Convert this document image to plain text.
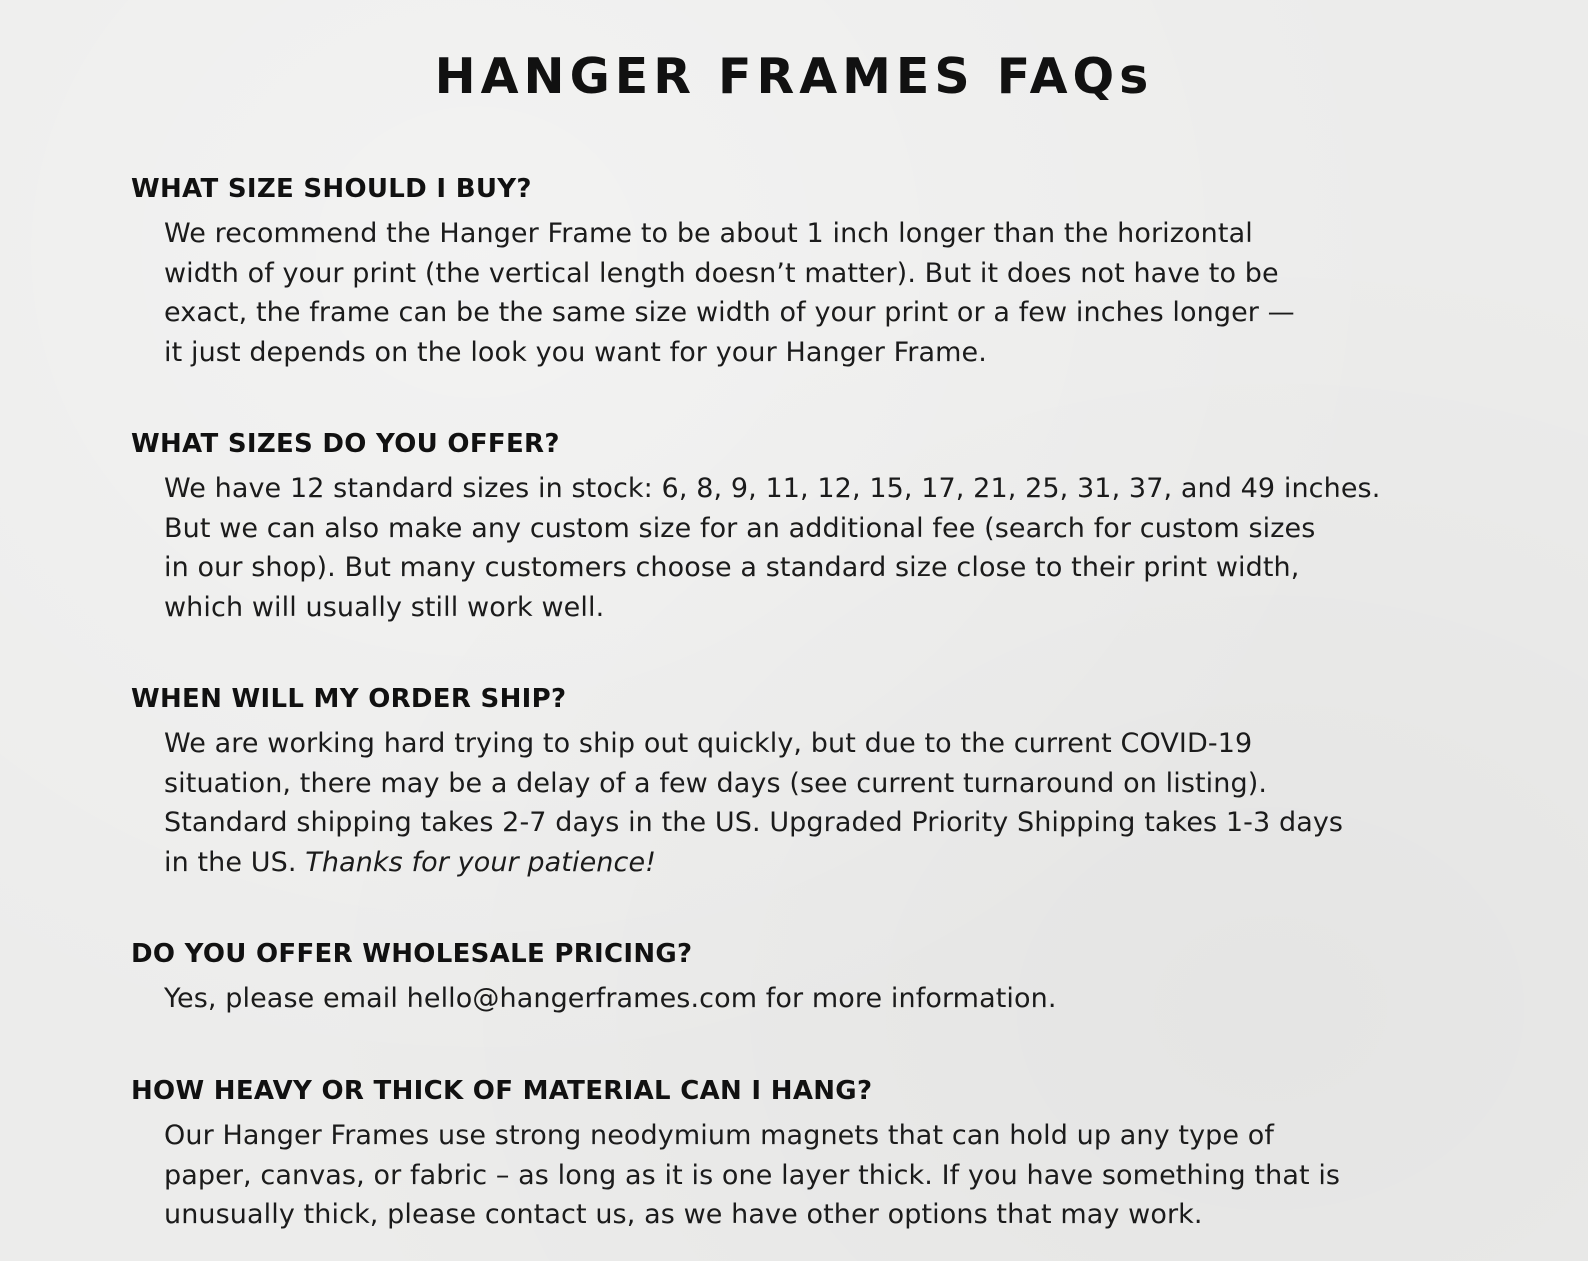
HANGER FRAMES FAQs
WHAT SIZE SHOULD I BUY?

We recommend the Hanger Frame to be about 1 inch longer than the horizontal
width of your print (the vertical length doesn’t matter). But it does not have to be
exact, the frame can be the same size width of your print or a few inches longer —
it just depends on the look you want for your Hanger Frame.

WHAT SIZES DO YOU OFFER?

We have 12 standard sizes in stock: 6, 8, 9, 11, 12, 15, 17, 21, 25, 31, 37, and 49 inches.
But we can also make any custom size for an additional fee (search for custom sizes
in our shop). But many customers choose a standard size close to their print width,
which will usually still work well.

WHEN WILL MY ORDER SHIP?

We are working hard trying to ship out quickly, but due to the current COVID-19
situation, there may be a delay of a few days (see current turnaround on listing).
Standard shipping takes 2-7 days in the US. Upgraded Priority Shipping takes 1-3 days
in the US. Thanks for your patience!

DO YOU OFFER WHOLESALE PRICING?

Yes, please email hello@hangerframes.com for more information.

HOW HEAVY OR THICK OF MATERIAL CAN I HANG?

Our Hanger Frames use strong neodymium magnets that can hold up any type of
paper, canvas, or fabric – as long as it is one layer thick. If you have something that is
unusually thick, please contact us, as we have other options that may work.
